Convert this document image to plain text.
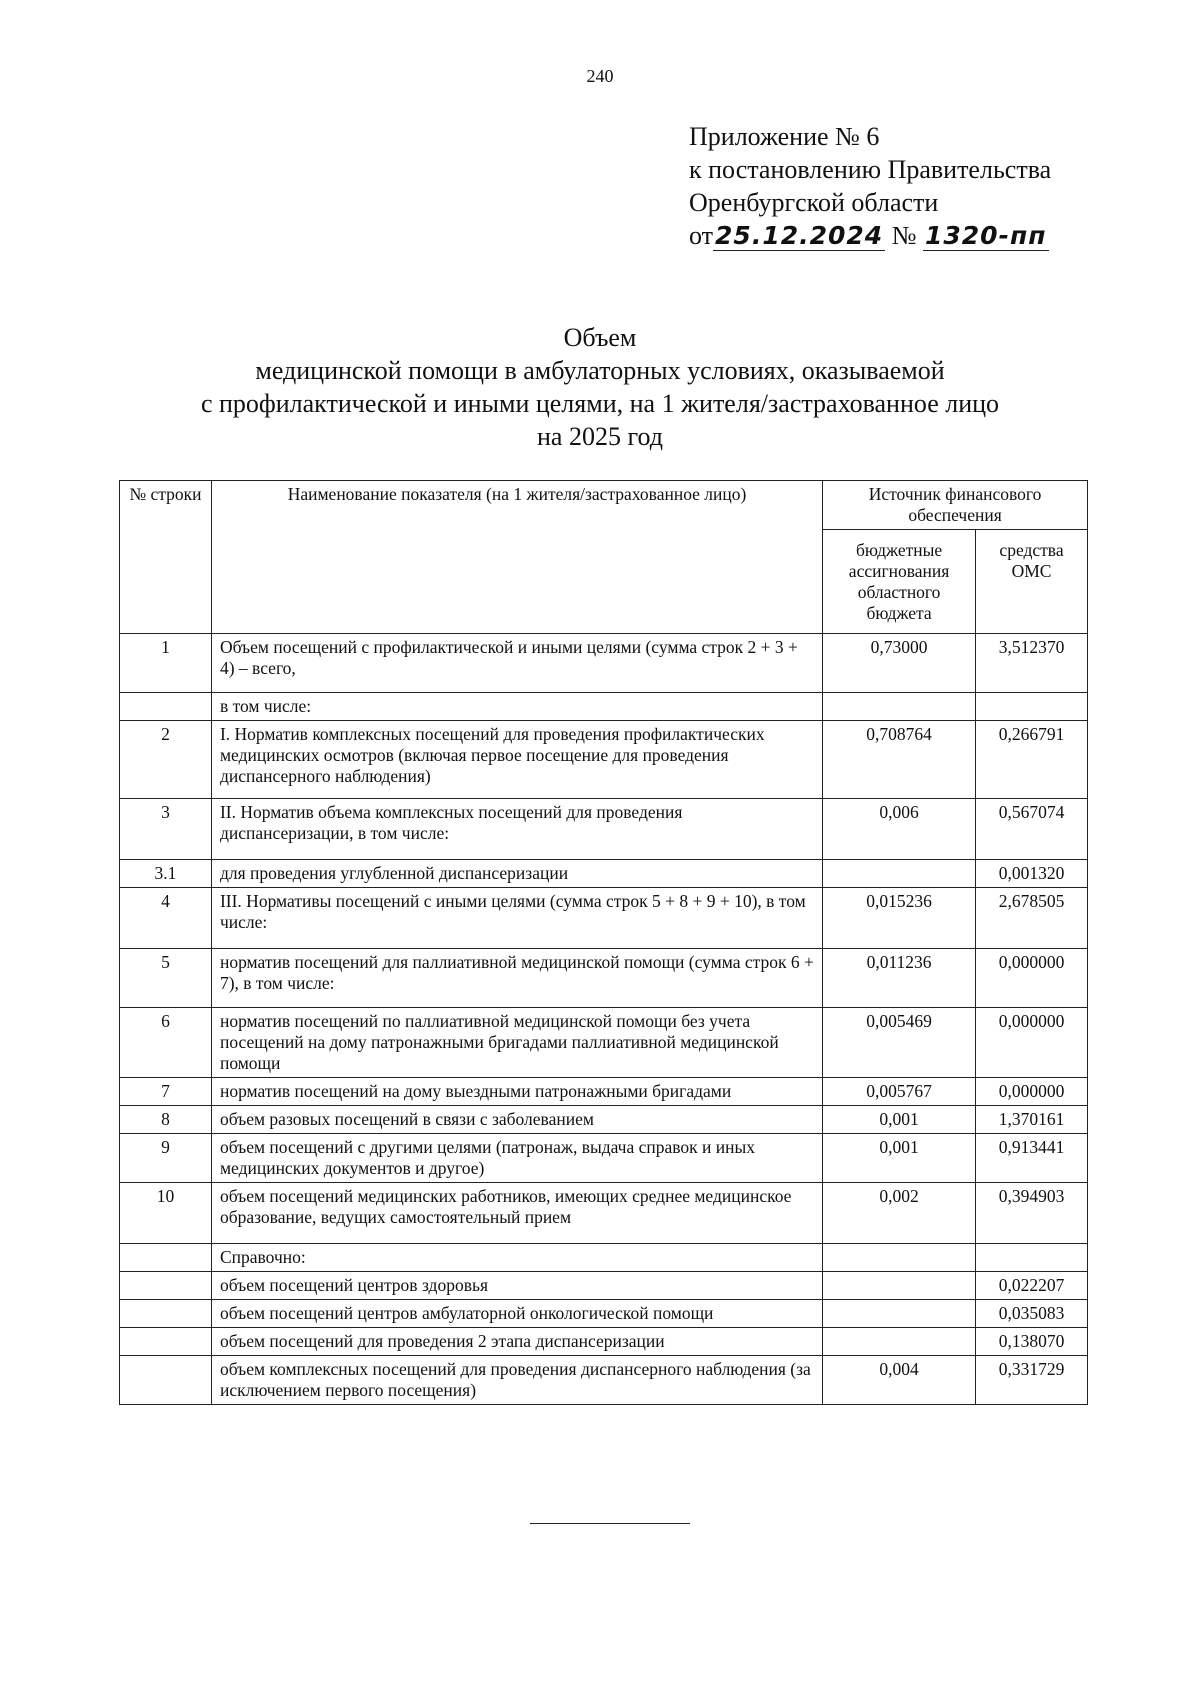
240
Приложение № 6
к постановлению Правительства
Оренбургской области
от25.12.2024 № 1320-пп
Объем
медицинской помощи в амбулаторных условиях, оказываемой
с профилактической и иными целями, на 1 жителя/застрахованное лицо
на 2025 год
№ строки	Наименование показателя (на 1 жителя/застрахованное лицо)	Источник финансового обеспечения	
		бюджетные ассигнования областного бюджета	средства ОМС
1	Объем посещений с профилактической и иными целями (сумма строк 2 + 3 + 4) – всего,	0,73000	3,512370
	в том числе:		
2	I. Норматив комплексных посещений для проведения профилактических медицинских осмотров (включая первое посещение для проведения диспансерного наблюдения)	0,708764	0,266791
3	II. Норматив объема комплексных посещений для проведения диспансеризации, в том числе:	0,006	0,567074
3.1	для проведения углубленной диспансеризации		0,001320
4	III. Нормативы посещений с иными целями (сумма строк 5 + 8 + 9 + 10), в том числе:	0,015236	2,678505
5	норматив посещений для паллиативной медицинской помощи (сумма строк 6 + 7), в том числе:	0,011236	0,000000
6	норматив посещений по паллиативной медицинской помощи без учета посещений на дому патронажными бригадами паллиативной медицинской помощи	0,005469	0,000000
7	норматив посещений на дому выездными патронажными бригадами	0,005767	0,000000
8	объем разовых посещений в связи с заболеванием	0,001	1,370161
9	объем посещений с другими целями (патронаж, выдача справок и иных медицинских документов и другое)	0,001	0,913441
10	объем посещений медицинских работников, имеющих среднее медицинское образование, ведущих самостоятельный прием	0,002	0,394903
	Справочно:		
	объем посещений центров здоровья		0,022207
	объем посещений центров амбулаторной онкологической помощи		0,035083
	объем посещений для проведения 2 этапа диспансеризации		0,138070
	объем комплексных посещений для проведения диспансерного наблюдения (за исключением первого посещения)	0,004	0,331729
